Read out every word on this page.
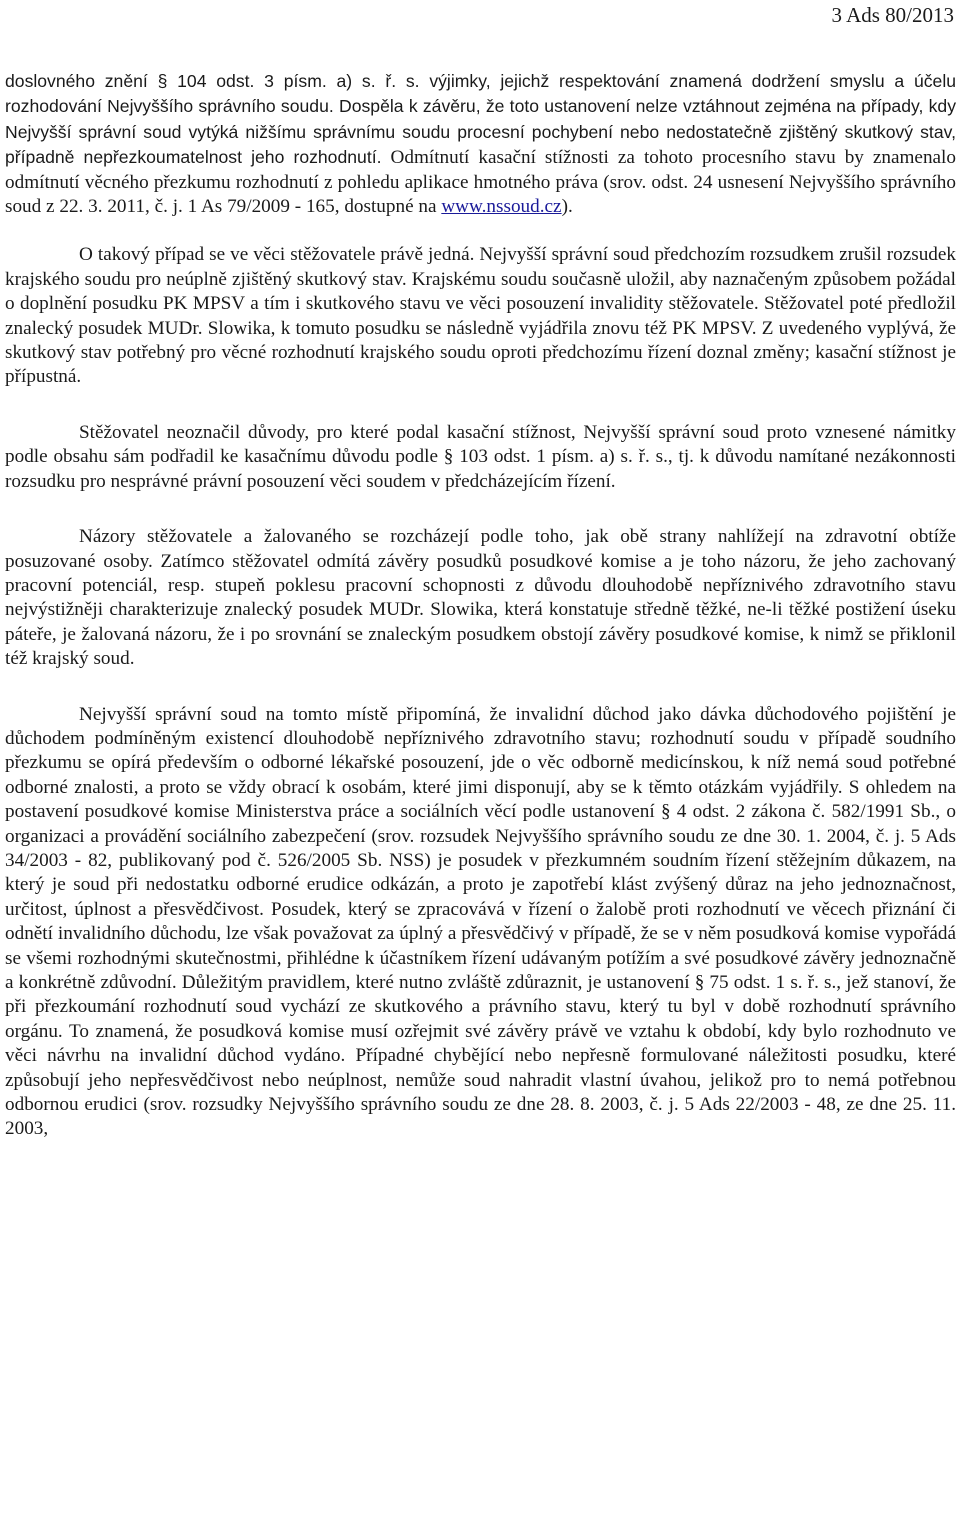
3 Ads 80/2013

doslovného znění § 104 odst. 3 písm. a) s. ř. s. výjimky, jejichž respektování znamená dodržení smyslu a účelu rozhodování Nejvyššího správního soudu. Dospěla k závěru, že toto ustanovení nelze vztáhnout zejména na případy, kdy Nejvyšší správní soud vytýká nižšímu správnímu soudu procesní pochybení nebo nedostatečně zjištěný skutkový stav, případně nepřezkoumatelnost jeho rozhodnutí. Odmítnutí kasační stížnosti za tohoto procesního stavu by znamenalo odmítnutí věcného přezkumu rozhodnutí z pohledu aplikace hmotného práva (srov. odst. 24 usnesení Nejvyššího správního soud z 22. 3. 2011, č. j. 1 As 79/2009 - 165, dostupné na www.nssoud.cz).

O takový případ se ve věci stěžovatele právě jedná. Nejvyšší správní soud předchozím rozsudkem zrušil rozsudek krajského soudu pro neúplně zjištěný skutkový stav. Krajskému soudu současně uložil, aby naznačeným způsobem požádal o doplnění posudku PK MPSV a tím i skutkového stavu ve věci posouzení invalidity stěžovatele. Stěžovatel poté předložil znalecký posudek MUDr. Slowika, k tomuto posudku se následně vyjádřila znovu též PK MPSV. Z uvedeného vyplývá, že skutkový stav potřebný pro věcné rozhodnutí krajského soudu oproti předchozímu řízení doznal změny; kasační stížnost je přípustná.

Stěžovatel neoznačil důvody, pro které podal kasační stížnost, Nejvyšší správní soud proto vznesené námitky podle obsahu sám podřadil ke kasačnímu důvodu podle § 103 odst. 1 písm. a) s. ř. s., tj. k důvodu namítané nezákonnosti rozsudku pro nesprávné právní posouzení věci soudem v předcházejícím řízení.

Názory stěžovatele a žalovaného se rozcházejí podle toho, jak obě strany nahlížejí na zdravotní obtíže posuzované osoby. Zatímco stěžovatel odmítá závěry posudků posudkové komise a je toho názoru, že jeho zachovaný pracovní potenciál, resp. stupeň poklesu pracovní schopnosti z důvodu dlouhodobě nepříznivého zdravotního stavu nejvýstižněji charakterizuje znalecký posudek MUDr. Slowika, která konstatuje středně těžké, ne-li těžké postižení úseku páteře, je žalovaná názoru, že i po srovnání se znaleckým posudkem obstojí závěry posudkové komise, k nimž se přiklonil též krajský soud.

Nejvyšší správní soud na tomto místě připomíná, že invalidní důchod jako dávka důchodového pojištění je důchodem podmíněným existencí dlouhodobě nepříznivého zdravotního stavu; rozhodnutí soudu v případě soudního přezkumu se opírá především o odborné lékařské posouzení, jde o věc odborně medicínskou, k níž nemá soud potřebné odborné znalosti, a proto se vždy obrací k osobám, které jimi disponují, aby se k těmto otázkám vyjádřily. S ohledem na postavení posudkové komise Ministerstva práce a sociálních věcí podle ustanovení § 4 odst. 2 zákona č. 582/1991 Sb., o organizaci a provádění sociálního zabezpečení (srov. rozsudek Nejvyššího správního soudu ze dne 30. 1. 2004, č. j. 5 Ads 34/2003 - 82, publikovaný pod č. 526/2005 Sb. NSS) je posudek v přezkumném soudním řízení stěžejním důkazem, na který je soud při nedostatku odborné erudice odkázán, a proto je zapotřebí klást zvýšený důraz na jeho jednoznačnost, určitost, úplnost a přesvědčivost. Posudek, který se zpracovává v řízení o žalobě proti rozhodnutí ve věcech přiznání či odnětí invalidního důchodu, lze však považovat za úplný a přesvědčivý v případě, že se v něm posudková komise vypořádá se všemi rozhodnými skutečnostmi, přihlédne k účastníkem řízení udávaným potížím a své posudkové závěry jednoznačně a konkrétně zdůvodní. Důležitým pravidlem, které nutno zvláště zdůraznit, je ustanovení § 75 odst. 1 s. ř. s., jež stanoví, že při přezkoumání rozhodnutí soud vychází ze skutkového a právního stavu, který tu byl v době rozhodnutí správního orgánu. To znamená, že posudková komise musí ozřejmit své závěry právě ve vztahu k období, kdy bylo rozhodnuto ve věci návrhu na invalidní důchod vydáno. Případné chybějící nebo nepřesně formulované náležitosti posudku, které způsobují jeho nepřesvědčivost nebo neúplnost, nemůže soud nahradit vlastní úvahou, jelikož pro to nemá potřebnou odbornou erudici (srov. rozsudky Nejvyššího správního soudu ze dne 28. 8. 2003, č. j. 5 Ads 22/2003 - 48, ze dne 25. 11. 2003,
